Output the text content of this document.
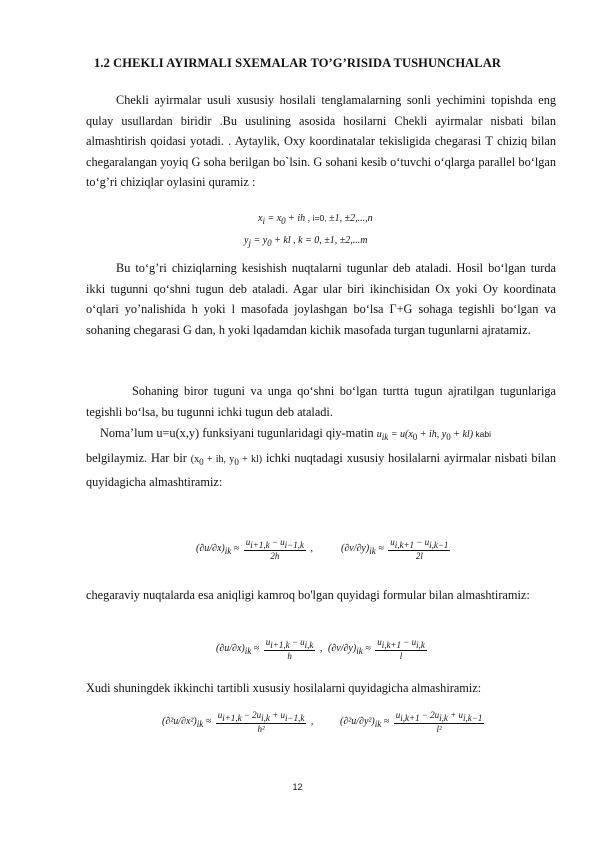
1.2 CHEKLI AYIRMALI SXEMALAR TO’G’RISIDA TUSHUNCHALAR
Chekli ayirmalar usuli xususiy hosilali tenglamalarning sonli yechimini topishda eng qulay usullardan biridir .Bu usulining asosida hosilarni Chekli ayirmalar nisbati bilan almashtirish qoidasi yotadi. . Aytaylik, Oxy koordinatalar tekisligida chegarasi Т chiziq bilan chegaralangan yoyiq G soha berilgan bo`lsin. G sohani kesib o‘tuvchi o‘qlarga parallel bo‘lgan to‘g’ri chiziqlar oylasini quramiz :
$x_i = x_0$ + ih , i=0, ±1, ±2,...,n
$y_j = y_0$ + kl , k = 0, ±1, ±2,...m
Bu to‘g’ri chiziqlarning kesishish nuqtalarni tugunlar deb ataladi. Hosil bo‘lgan turda ikki tugunni qo‘shni tugun deb ataladi. Agar ular biri ikinchisidan Ox yoki Oy koordinata o‘qlari yo’nalishida h yoki l masofada joylashgan bo‘lsa Г+G sohaga tegishli bo‘lgan va sohaning chegarasi G dan, h yoki lqadamdan kichik masofada turgan tugunlarni ajratamiz.
Sohaning biror tuguni va unga qo‘shni bo‘lgan turtta tugun ajratilgan tugunlariga tegishli bo‘lsa, bu tugunni ichki tugun deb ataladi.
Noma’lum u=u(x,y) funksiyani tugunlaridagi qiy-matin $u_{ik} = u(x_0$ + ih, $y_0 + kl$) kabi
belgilaymiz. Har bir ($x_0$ + ih, $y_0 + kl$) ichki nuqtadagi xususiy hosilalarni ayirmalar nisbati bilan quyidagicha almashtiramiz:
$(\partial u/\partial x)_{ik} \approx \frac{u_{i+1,k} - u_{i-1,k}}{2h}$ ,	$(\partial v/\partial y)_{ik} \approx \frac{u_{i,k+1} - u_{i,k-1}}{2l}$
chegaraviy nuqtalarda esa aniqligi kamroq bo'lgan quyidagi formular bilan almashtiramiz:
$(\partial u/\partial x)_{ik} \approx \frac{u_{i+1,k} - u_{i,k}}{h}$ , $(\partial v/\partial y)_{ik} \approx \frac{u_{i,k+1} - u_{i,k}}{l}$
Xudi shuningdek ikkinchi tartibli xususiy hosilalarni quyidagicha almashiramiz:
$(\partial^2u/\partial x^2)_{ik} \approx \frac{u_{i+1,k} - 2u_{i,k} + u_{i-1,k}}{\text{h²}}$ ,	$(\partial^2u/\partial y^2)_{ik} \approx \frac{u_{i,k+1} - 2u_{i,k} + u_{i,k-1}}{\text{l²}}$
12
